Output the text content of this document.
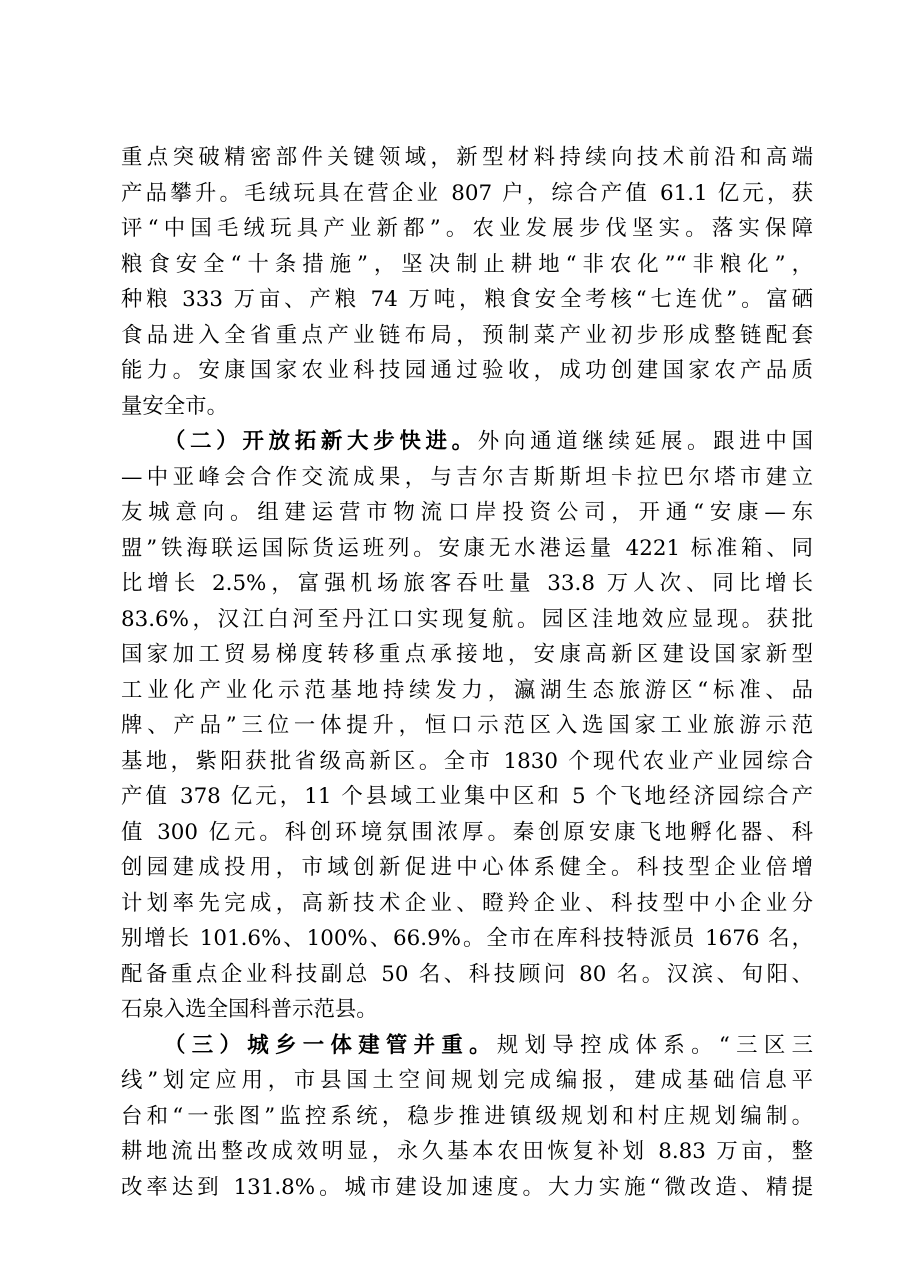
重点突破精密部件关键领域，新型材料持续向技术前沿和高端
产品攀升。毛绒玩具在营企业 807 户，综合产值 61.1 亿元，获
评“中国毛绒玩具产业新都”。农业发展步伐坚实。落实保障
粮食安全“十条措施”，坚决制止耕地“非农化”“非粮化”，
种粮 333 万亩、产粮 74 万吨，粮食安全考核“七连优”。富硒
食品进入全省重点产业链布局，预制菜产业初步形成整链配套
能力。安康国家农业科技园通过验收，成功创建国家农产品质
量安全市。
（二）开放拓新大步快进。外向通道继续延展。跟进中国
—中亚峰会合作交流成果，与吉尔吉斯斯坦卡拉巴尔塔市建立
友城意向。组建运营市物流口岸投资公司，开通“安康—东
盟”铁海联运国际货运班列。安康无水港运量 4221 标准箱、同
比增长 2.5%，富强机场旅客吞吐量 33.8 万人次、同比增长
83.6%，汉江白河至丹江口实现复航。园区洼地效应显现。获批
国家加工贸易梯度转移重点承接地，安康高新区建设国家新型
工业化产业化示范基地持续发力，瀛湖生态旅游区“标准、品
牌、产品”三位一体提升，恒口示范区入选国家工业旅游示范
基地，紫阳获批省级高新区。全市 1830 个现代农业产业园综合
产值 378 亿元，11 个县域工业集中区和 5 个飞地经济园综合产
值 300 亿元。科创环境氛围浓厚。秦创原安康飞地孵化器、科
创园建成投用，市域创新促进中心体系健全。科技型企业倍增
计划率先完成，高新技术企业、瞪羚企业、科技型中小企业分
别增长 101.6%、100%、66.9%。全市在库科技特派员 1676 名，
配备重点企业科技副总 50 名、科技顾问 80 名。汉滨、旬阳、
石泉入选全国科普示范县。
（三）城乡一体建管并重。规划导控成体系。“三区三
线”划定应用，市县国土空间规划完成编报，建成基础信息平
台和“一张图”监控系统，稳步推进镇级规划和村庄规划编制。
耕地流出整改成效明显，永久基本农田恢复补划 8.83 万亩，整
改率达到 131.8%。城市建设加速度。大力实施“微改造、精提
